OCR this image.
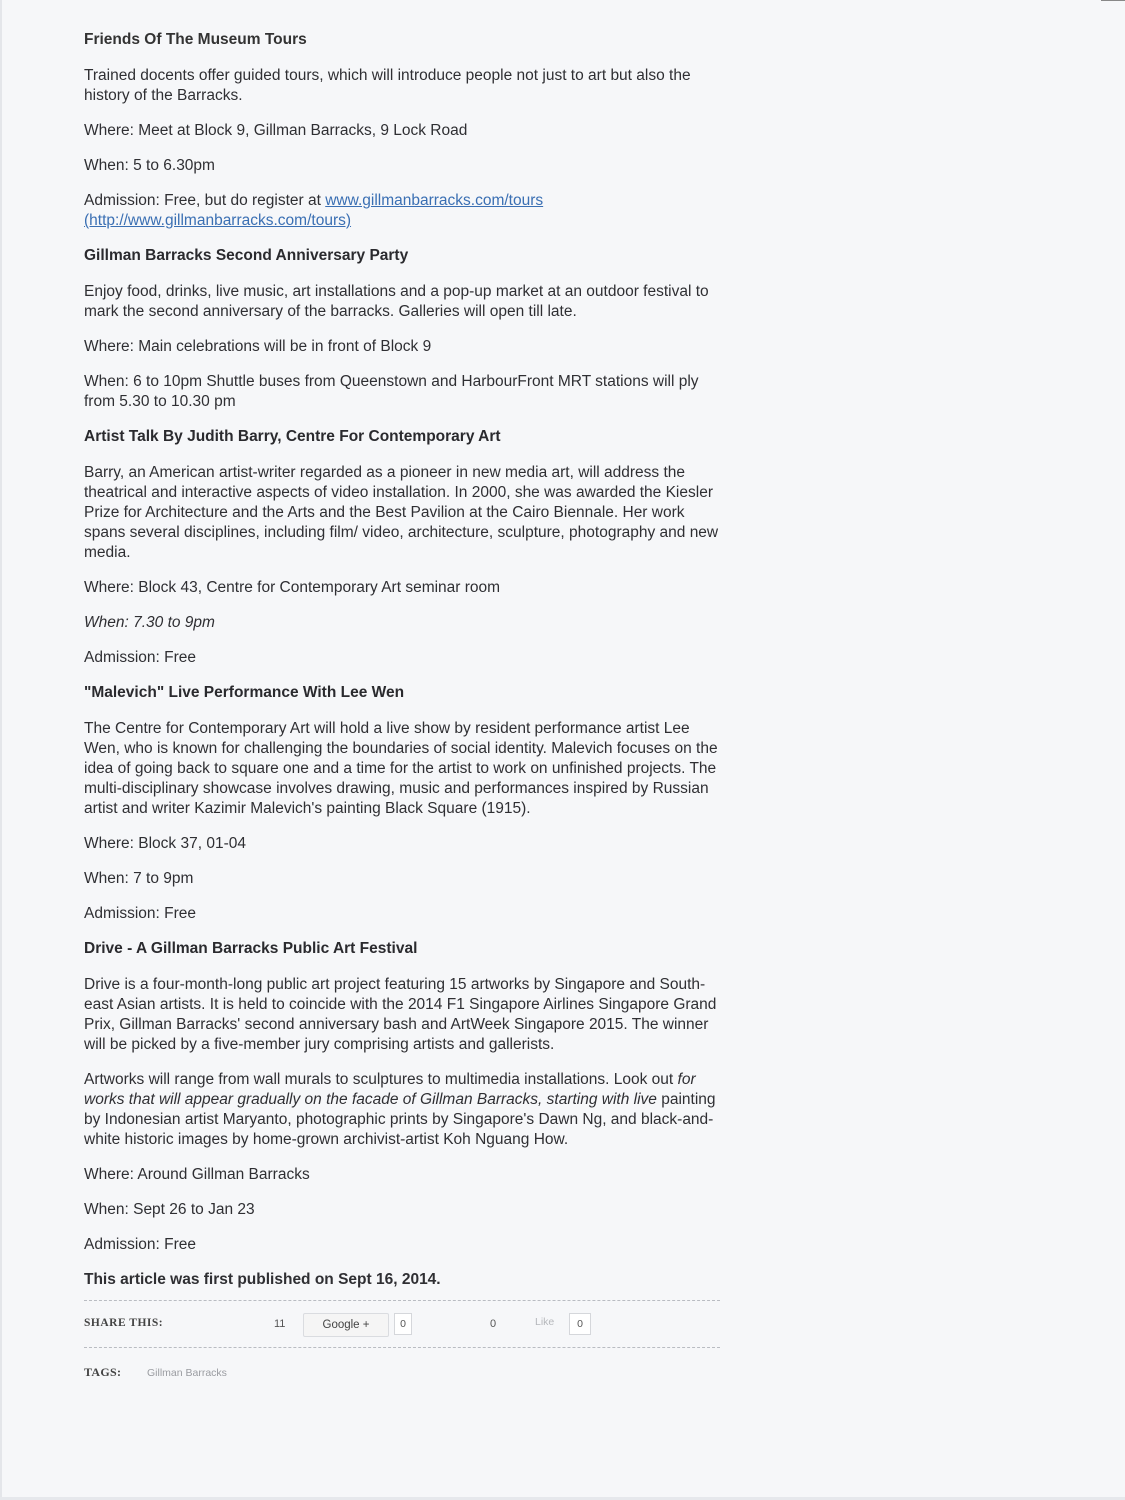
Friends Of The Museum Tours

Trained docents offer guided tours, which will introduce people not just to art but also the history of the Barracks.

Where: Meet at Block 9, Gillman Barracks, 9 Lock Road

When: 5 to 6.30pm

Admission: Free, but do register at www.gillmanbarracks.com/tours
(http://www.gillmanbarracks.com/tours)

Gillman Barracks Second Anniversary Party

Enjoy food, drinks, live music, art installations and a pop-up market at an outdoor festival to mark the second anniversary of the barracks. Galleries will open till late.

Where: Main celebrations will be in front of Block 9

When: 6 to 10pm Shuttle buses from Queenstown and HarbourFront MRT stations will ply from 5.30 to 10.30 pm

Artist Talk By Judith Barry, Centre For Contemporary Art

Barry, an American artist-writer regarded as a pioneer in new media art, will address the theatrical and interactive aspects of video installation. In 2000, she was awarded the Kiesler Prize for Architecture and the Arts and the Best Pavilion at the Cairo Biennale. Her work spans several disciplines, including film/ video, architecture, sculpture, photography and new media.

Where: Block 43, Centre for Contemporary Art seminar room

When: 7.30 to 9pm

Admission: Free

"Malevich" Live Performance With Lee Wen

The Centre for Contemporary Art will hold a live show by resident performance artist Lee Wen, who is known for challenging the boundaries of social identity. Malevich focuses on the idea of going back to square one and a time for the artist to work on unfinished projects. The multi-disciplinary showcase involves drawing, music and performances inspired by Russian artist and writer Kazimir Malevich's painting Black Square (1915).

Where: Block 37, 01-04

When: 7 to 9pm

Admission: Free

Drive - A Gillman Barracks Public Art Festival

Drive is a four-month-long public art project featuring 15 artworks by Singapore and South-east Asian artists. It is held to coincide with the 2014 F1 Singapore Airlines Singapore Grand Prix, Gillman Barracks' second anniversary bash and ArtWeek Singapore 2015. The winner will be picked by a five-member jury comprising artists and gallerists.

Artworks will range from wall murals to sculptures to multimedia installations. Look out for works that will appear gradually on the facade of Gillman Barracks, starting with live painting by Indonesian artist Maryanto, photographic prints by Singapore's Dawn Ng, and black-and-white historic images by home-grown archivist-artist Koh Nguang How.

Where: Around Gillman Barracks

When: Sept 26 to Jan 23

Admission: Free

This article was first published on Sept 16, 2014.
SHARE THIS:	11	Google +	0	0	Like	0
TAGS: Gillman Barracks
